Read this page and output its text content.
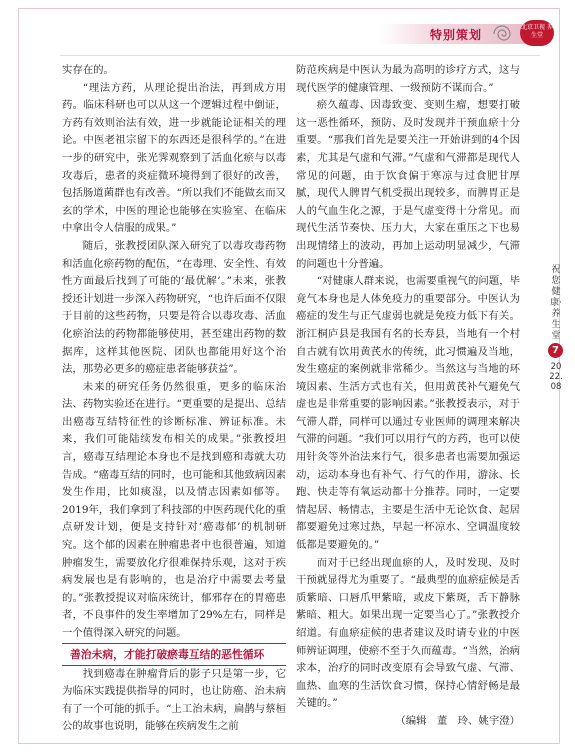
特别策划
北京卫视 养生堂

实存在的。

“理法方药，从理论提出治法，再到成方用药。临床科研也可以从这一个逻辑过程中倒证，方药有效则治法有效，进一步就能论证相关的理论。中医老祖宗留下的东西还是很科学的。”在进一步的研究中，张光霁观察到了活血化瘀与以毒攻毒后，患者的炎症微环境得到了很好的改善，包括肠道菌群也有改善。“所以我们不能做玄而又玄的学术，中医的理论也能够在实验室、在临床中拿出令人信服的成果。”

随后，张教授团队深入研究了以毒攻毒药物和活血化瘀药物的配伍，“在毒理、安全性、有效性方面最后找到了可能的‘最优解’。”未来，张教授还计划进一步深入药物研究，“也许后面不仅限于目前的这些药物，只要是符合以毒攻毒、活血化瘀治法的药物都能够使用，甚至建出药物的数据库，这样其他医院、团队也都能用好这个治法，那势必更多的癌症患者能够获益”。

未来的研究任务仍然很重，更多的临床治法、药物实验还在进行。“更重要的是提出、总结出癌毒互结特征性的诊断标准、辨证标准。未来，我们可能陆续发布相关的成果。”张教授坦言，癌毒互结理论本身也不是找到癌和毒就大功告成。“癌毒互结的同时，也可能和其他致病因素发生作用，比如痰湿，以及情志因素如郁等。2019年，我们拿到了科技部的中医药现代化的重点研发计划，便是支持针对‘癌毒郁’的机制研究。这个郁的因素在肿瘤患者中也很普遍，知道肿瘤发生，需要放化疗很难保持乐观，这对于疾病发展也是有影响的，也是治疗中需要去考量的。”张教授提议对临床统计，郁邪存在的胃癌患者，不良事件的发生率增加了29%左右，同样是一个值得深入研究的问题。

善治未病，才能打破瘀毒互结的恶性循环

找到癌毒在肿瘤背后的影子只是第一步，它为临床实践提供指导的同时，也让防癌、治未病有了一个可能的抓手。“上工治未病，扁鹊与蔡桓公的故事也说明，能够在疾病发生之前

防范疾病是中医认为最为高明的诊疗方式，这与现代医学的健康管理、一级预防不谋而合。”

瘀久蕴毒、因毒致变、变则生瘤，想要打破这一恶性循环，预防、及时发现并干预血瘀十分重要。“那我们首先是要关注一开始讲到的4个因素，尤其是气虚和气滞。”气虚和气滞都是现代人常见的问题，由于饮食偏于寒凉与过食肥甘厚腻，现代人脾胃气机受损出现较多，而脾胃正是人的气血生化之源，于是气虚变得十分常见。而现代生活节奏快、压力大，大家在重压之下也易出现情绪上的波动，再加上运动明显减少，气滞的问题也十分普遍。

“对健康人群来说，也需要重视气的问题，毕竟气本身也是人体免疫力的重要部分。中医认为癌症的发生与正气虚弱也就是免疫力低下有关。浙江桐庐县是我国有名的长寿县，当地有一个村自古就有饮用黄芪水的传统，此习惯遍及当地，发生癌症的案例就非常稀少。当然这与当地的环境因素、生活方式也有关，但用黄芪补气避免气虚也是非常重要的影响因素。”张教授表示，对于气滞人群，同样可以通过专业医师的调理来解决气滞的问题。“我们可以用行气的方药，也可以使用针灸等外治法来行气，很多患者也需要加强运动，运动本身也有补气、行气的作用，游泳、长跑、快走等有氧运动都十分推荐。同时，一定要情起居、畅情志，主要是生活中无论饮食、起居都要避免过寒过热，早起一杯凉水、空调温度较低都是要避免的。”

而对于已经出现血瘀的人，及时发现、及时干预就显得尤为重要了。“最典型的血瘀症候是舌质紫暗、口唇爪甲紫暗，或皮下紫斑，舌下静脉紫暗、粗大。如果出现一定要当心了。”张教授介绍道。有血瘀症候的患者建议及时请专业的中医师辨证调理，使瘀不至于久而蕴毒。“当然，治病求本，治疗的同时改变原有会导致气虚、气滞、血热、血寒的生活饮食习惯，保持心情舒畅是最关键的。”

（编辑　董　玲、姚宇澄）

祝您健康·养生堂
7
2022.08
